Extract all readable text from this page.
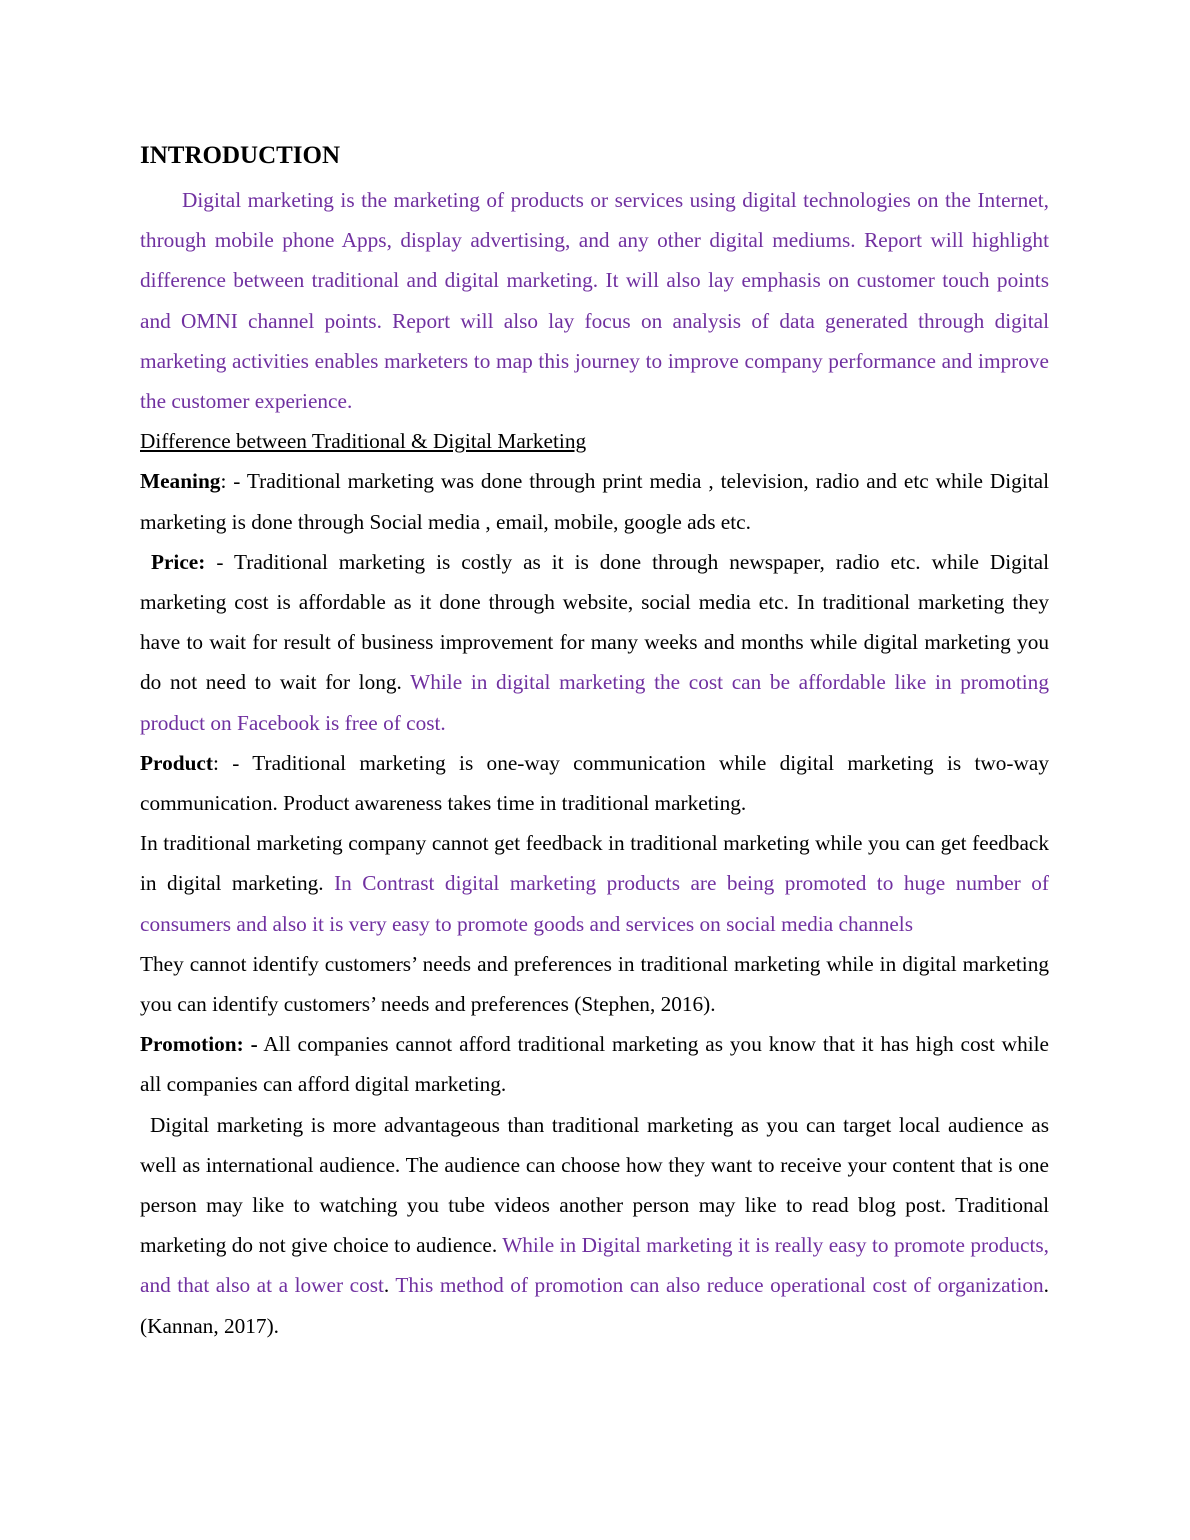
INTRODUCTION

Digital marketing is the marketing of products or services using digital technologies on the Internet, through mobile phone Apps, display advertising, and any other digital mediums. Report will highlight difference between traditional and digital marketing. It will also lay emphasis on customer touch points and OMNI channel points. Report will also lay focus on analysis of data generated through digital marketing activities enables marketers to map this journey to improve company performance and improve the customer experience.

Difference between Traditional & Digital Marketing

Meaning: - Traditional marketing was done through print media , television, radio and etc while Digital marketing is done through Social media , email, mobile, google ads etc.

Price: - Traditional marketing is costly as it is done through newspaper, radio etc. while Digital marketing cost is affordable as it done through website, social media etc. In traditional marketing they have to wait for result of business improvement for many weeks and months while digital marketing you do not need to wait for long. While in digital marketing the cost can be affordable like in promoting product on Facebook is free of cost.

Product: - Traditional marketing is one-way communication while digital marketing is two-way communication. Product awareness takes time in traditional marketing.

In traditional marketing company cannot get feedback in traditional marketing while you can get feedback in digital marketing. In Contrast digital marketing products are being promoted to huge number of consumers and also it is very easy to promote goods and services on social media channels

They cannot identify customers’ needs and preferences in traditional marketing while in digital marketing you can identify customers’ needs and preferences (Stephen, 2016).

Promotion: - All companies cannot afford traditional marketing as you know that it has high cost while all companies can afford digital marketing.

Digital marketing is more advantageous than traditional marketing as you can target local audience as well as international audience. The audience can choose how they want to receive your content that is one person may like to watching you tube videos another person may like to read blog post. Traditional marketing do not give choice to audience. While in Digital marketing it is really easy to promote products, and that also at a lower cost. This method of promotion can also reduce operational cost of organization. (Kannan, 2017).
